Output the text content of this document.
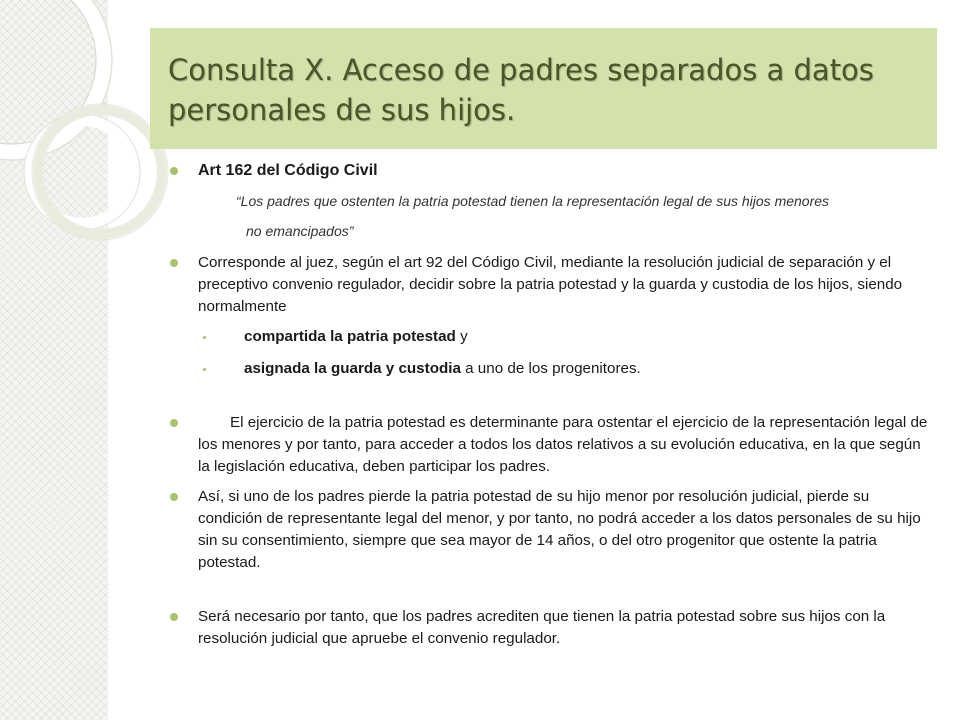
Consulta X. Acceso de padres separados a datos personales de sus hijos.
Art 162 del Código Civil
“Los padres que ostenten la patria potestad tienen la representación legal de sus hijos menores
no emancipados”
Corresponde al juez, según el art 92 del Código Civil, mediante la resolución judicial de separación y el preceptivo convenio regulador, decidir sobre la patria potestad y la guarda y custodia de los hijos, siendo normalmente
compartida la patria potestad y
asignada la guarda y custodia a uno de los progenitores.
El ejercicio de la patria potestad es determinante para ostentar el ejercicio de la representación legal de los menores y por tanto, para acceder a todos los datos relativos a su evolución educativa, en la que según la legislación educativa, deben participar los padres.
Así, si uno de los padres pierde la patria potestad de su hijo menor por resolución judicial, pierde su condición de representante legal del menor, y por tanto, no podrá acceder a los datos personales de su hijo sin su consentimiento, siempre que sea mayor de 14 años, o del otro progenitor que ostente la patria potestad.
Será necesario por tanto, que los padres acrediten que tienen la patria potestad sobre sus hijos con la resolución judicial que apruebe el convenio regulador.
